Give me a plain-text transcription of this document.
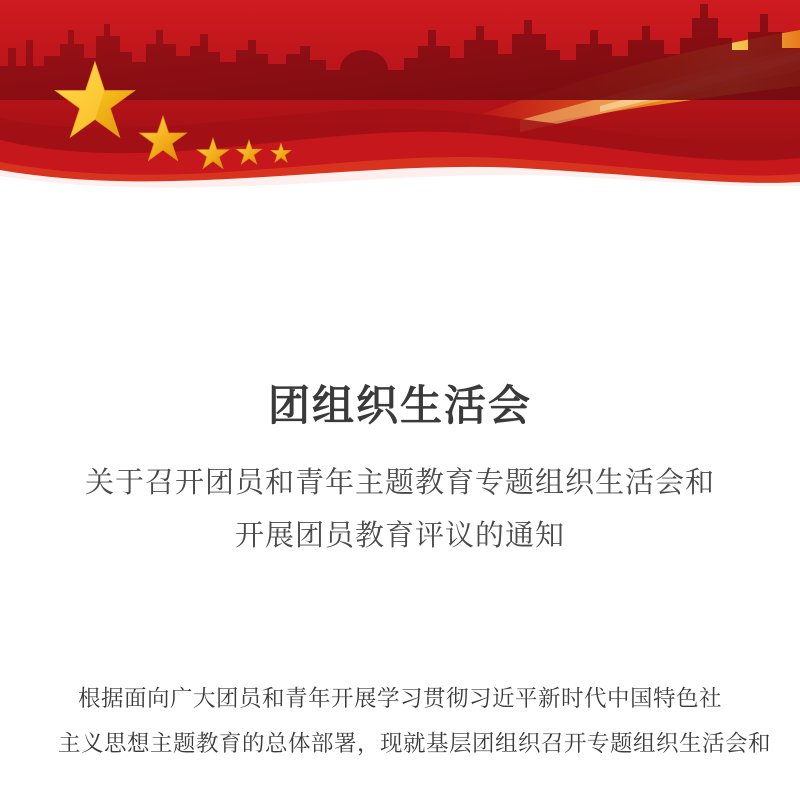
团组织生活会
关于召开团员和青年主题教育专题组织生活会和
开展团员教育评议的通知
根据面向广大团员和青年开展学习贯彻习近平新时代中国特色社
主义思想主题教育的总体部署，现就基层团组织召开专题组织生活会和
